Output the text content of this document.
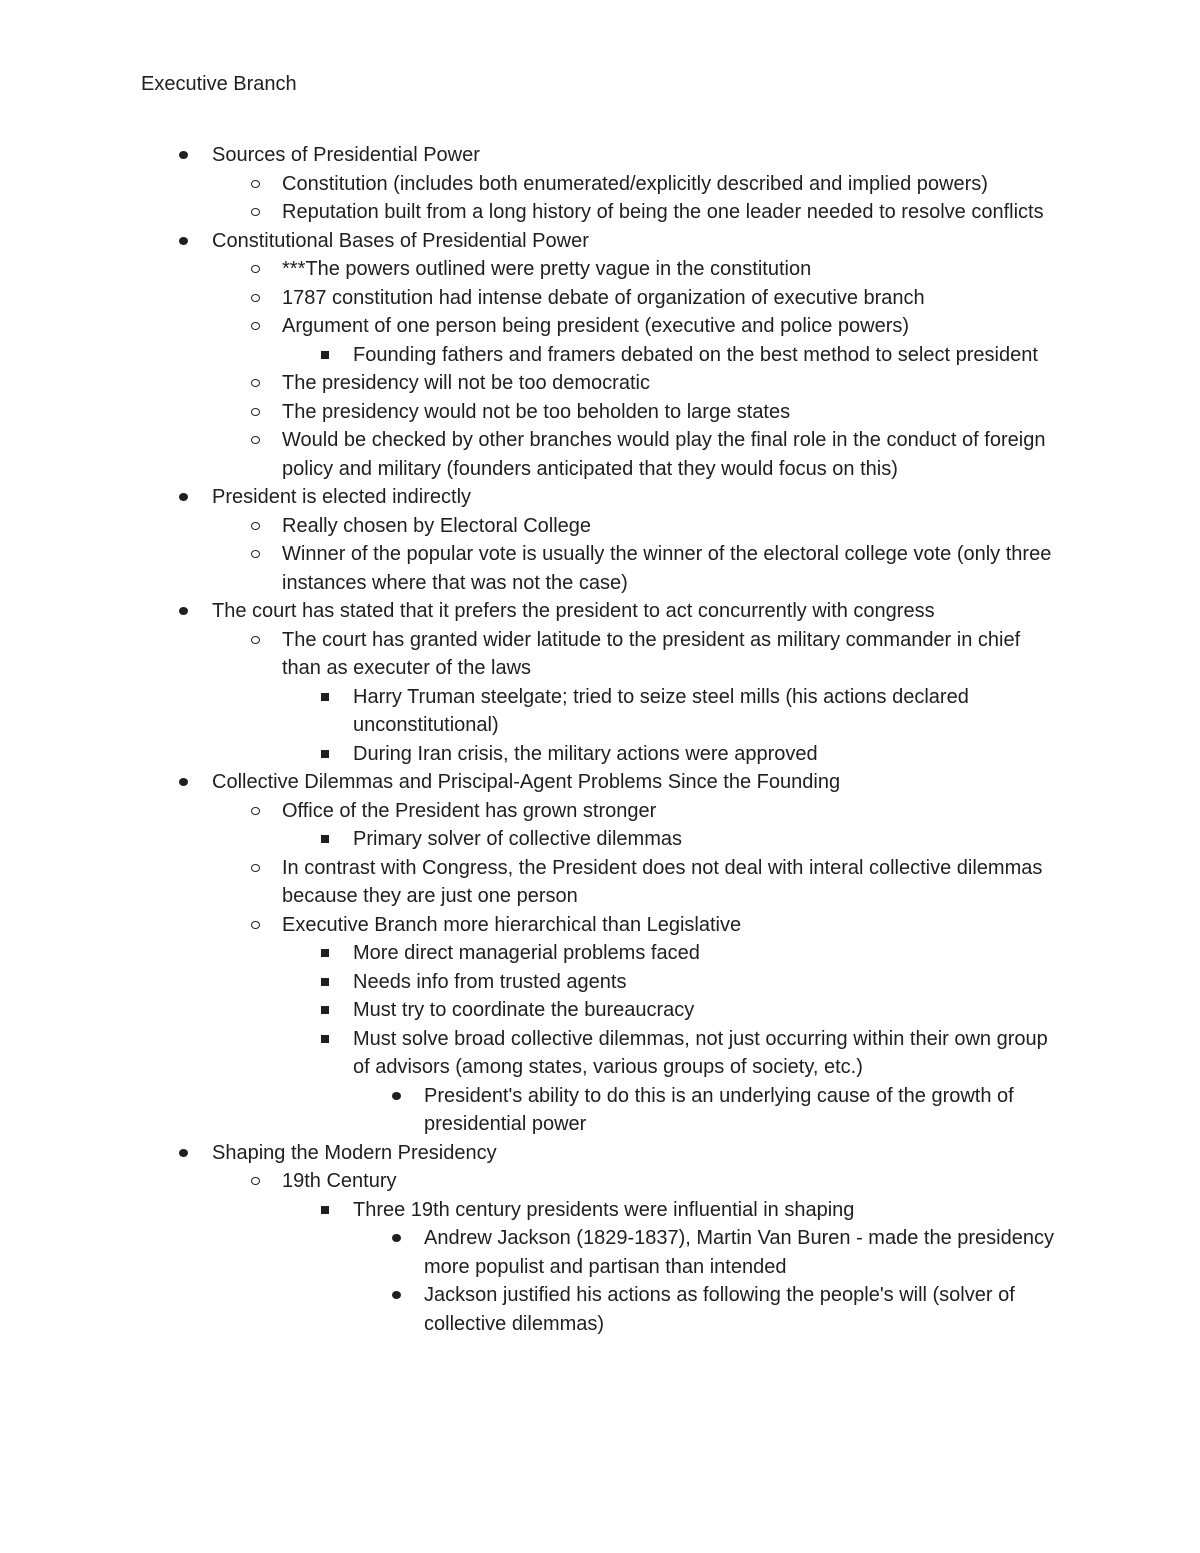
Executive Branch
Sources of Presidential Power
Constitution (includes both enumerated/explicitly described and implied powers)
Reputation built from a long history of being the one leader needed to resolve conflicts
Constitutional Bases of Presidential Power
***The powers outlined were pretty vague in the constitution
1787 constitution had intense debate of organization of executive branch
Argument of one person being president (executive and police powers)
Founding fathers and framers debated on the best method to select president
The presidency will not be too democratic
The presidency would not be too beholden to large states
Would be checked by other branches would play the final role in the conduct of foreign policy and military (founders anticipated that they would focus on this)
President is elected indirectly
Really chosen by Electoral College
Winner of the popular vote is usually the winner of the electoral college vote (only three instances where that was not the case)
The court has stated that it prefers the president to act concurrently with congress
The court has granted wider latitude to the president as military commander in chief than as executer of the laws
Harry Truman steelgate; tried to seize steel mills (his actions declared unconstitutional)
During Iran crisis, the military actions were approved
Collective Dilemmas and Priscipal-Agent Problems Since the Founding
Office of the President has grown stronger
Primary solver of collective dilemmas
In contrast with Congress, the President does not deal with interal collective dilemmas because they are just one person
Executive Branch more hierarchical than Legislative
More direct managerial problems faced
Needs info from trusted agents
Must try to coordinate the bureaucracy
Must solve broad collective dilemmas, not just occurring within their own group of advisors (among states, various groups of society, etc.)
President's ability to do this is an underlying cause of the growth of presidential power
Shaping the Modern Presidency
19th Century
Three 19th century presidents were influential in shaping
Andrew Jackson (1829-1837), Martin Van Buren - made the presidency more populist and partisan than intended
Jackson justified his actions as following the people's will (solver of collective dilemmas)
